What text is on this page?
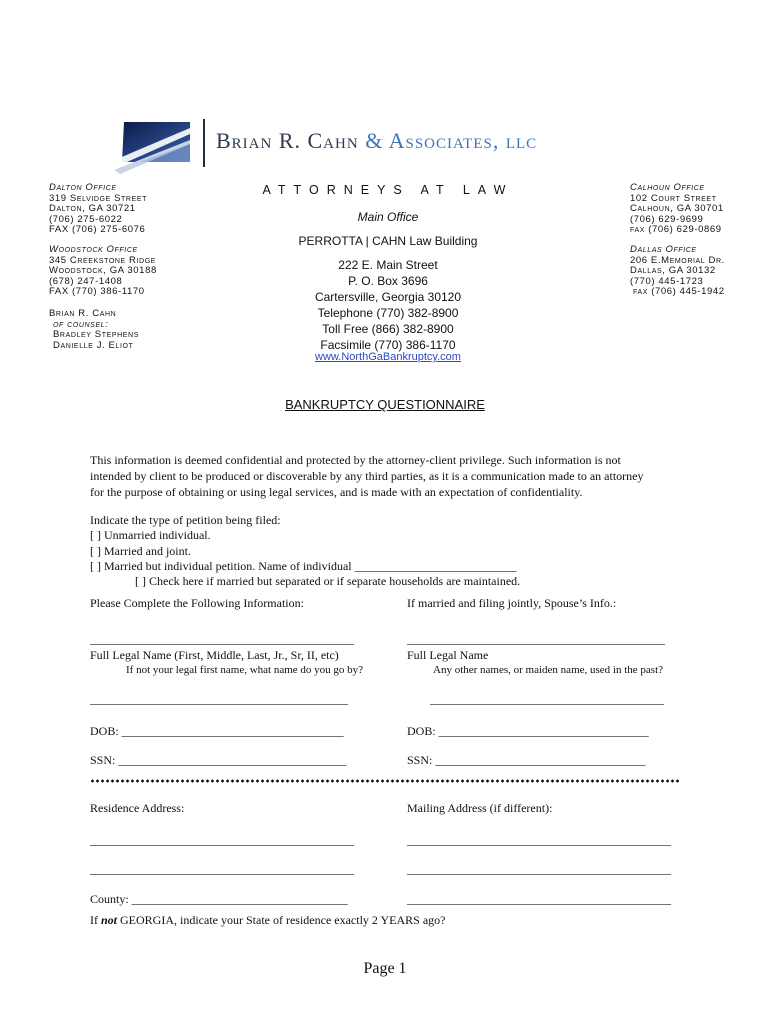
Brian R. Cahn & Associates, llc
Dalton Office
319 Selvidge Street
Dalton, GA 30721
(706) 275-6022
FAX (706) 275-6076
Woodstock Office
345 Creekstone Ridge
Woodstock, GA 30188
(678) 247-1408
FAX (770) 386-1170
Brian R. Cahn
of counsel:
Bradley Stephens
Danielle J. Eliot
Calhoun Office
102 Court Street
Calhoun, GA 30701
(706) 629-9699
fax (706) 629-0869
Dallas Office
206 E.Memorial Dr.
Dallas, GA 30132
(770) 445-1723
fax (706) 445-1942
ATTORNEYS AT LAW
Main Office
PERROTTA | CAHN Law Building
222 E. Main Street
P. O. Box 3696
Cartersville, Georgia 30120
Telephone (770) 382-8900
Toll Free (866) 382-8900
Facsimile (770) 386-1170
www.NorthGaBankruptcy.com
BANKRUPTCY QUESTIONNAIRE
This information is deemed confidential and protected by the attorney-client privilege. Such information is not
intended by client to be produced or discoverable by any third parties, as it is a communication made to an attorney
for the purpose of obtaining or using legal services, and is made with an expectation of confidentiality.
Indicate the type of petition being filed:
[ ] Unmarried individual.
[ ] Married and joint.
[ ] Married but individual petition. Name of individual ___________________________
[ ] Check here if married but separated or if separate households are maintained.
Please Complete the Following Information:	If married and filing jointly, Spouse’s Info.:
____________________________________________	___________________________________________
Full Legal Name (First, Middle, Last, Jr., Sr, II, etc)	Full Legal Name
If not your legal first name, what name do you go by?	Any other names, or maiden name, used in the past?
___________________________________________	_______________________________________
DOB: _____________________________________	DOB: ___________________________________
SSN: ______________________________________	SSN: ___________________________________
Residence Address:	Mailing Address (if different):
____________________________________________	____________________________________________
____________________________________________	____________________________________________
County: ____________________________________	____________________________________________
If not GEORGIA, indicate your State of residence exactly 2 YEARS ago?
Page 1
